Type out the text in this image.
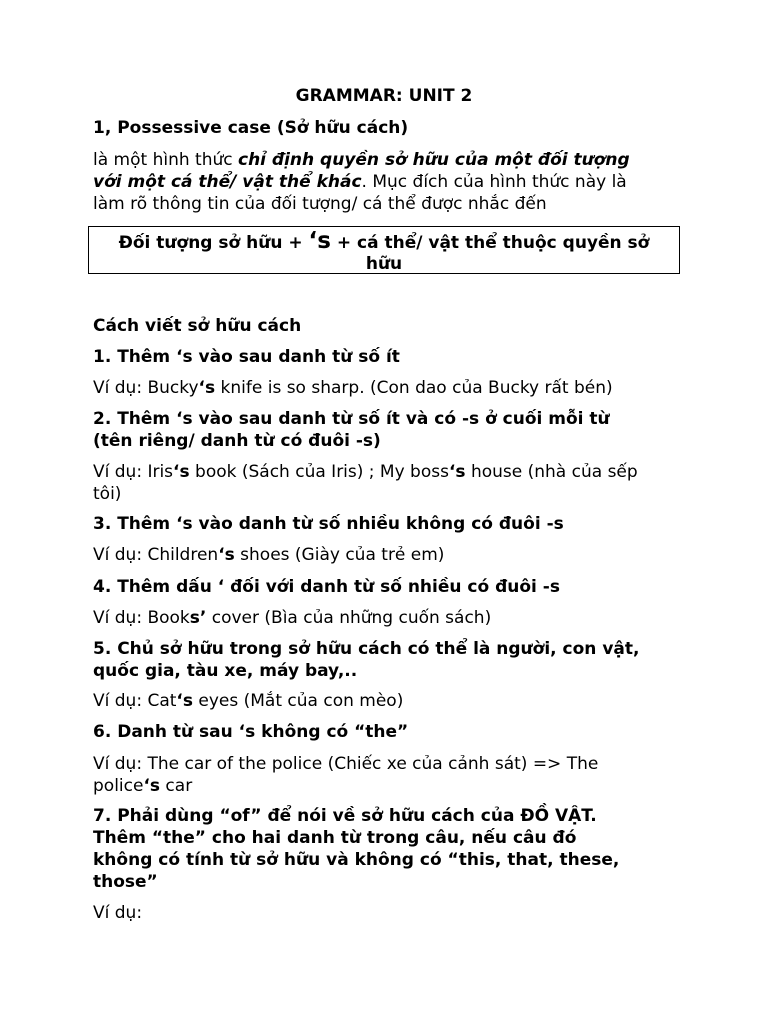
GRAMMAR: UNIT 2
1, Possessive case (Sở hữu cách)
là một hình thức chỉ định quyền sở hữu của một đối tượng
với một cá thể/ vật thể khác. Mục đích của hình thức này là
làm rõ thông tin của đối tượng/ cá thể được nhắc đến
Đối tượng sở hữu + ‘s + cá thể/ vật thể thuộc quyền sở
hữu
Cách viết sở hữu cách
1. Thêm ‘s vào sau danh từ số ít
Ví dụ: Bucky‘s knife is so sharp. (Con dao của Bucky rất bén)
2. Thêm ‘s vào sau danh từ số ít và có -s ở cuối mỗi từ
(tên riêng/ danh từ có đuôi -s)
Ví dụ: Iris‘s book (Sách của Iris) ; My boss‘s house (nhà của sếp
tôi)
3. Thêm ‘s vào danh từ số nhiều không có đuôi -s
Ví dụ: Children‘s shoes (Giày của trẻ em)
4. Thêm dấu ‘ đối với danh từ số nhiều có đuôi -s
Ví dụ: Books’ cover (Bìa của những cuốn sách)
5. Chủ sở hữu trong sở hữu cách có thể là người, con vật,
quốc gia, tàu xe, máy bay,..
Ví dụ: Cat‘s eyes (Mắt của con mèo)
6. Danh từ sau ‘s không có “the”
Ví dụ: The car of the police (Chiếc xe của cảnh sát) => The
police‘s car
7. Phải dùng “of” để nói về sở hữu cách của ĐỒ VẬT.
Thêm “the” cho hai danh từ trong câu, nếu câu đó
không có tính từ sở hữu và không có “this, that, these,
those”
Ví dụ:
